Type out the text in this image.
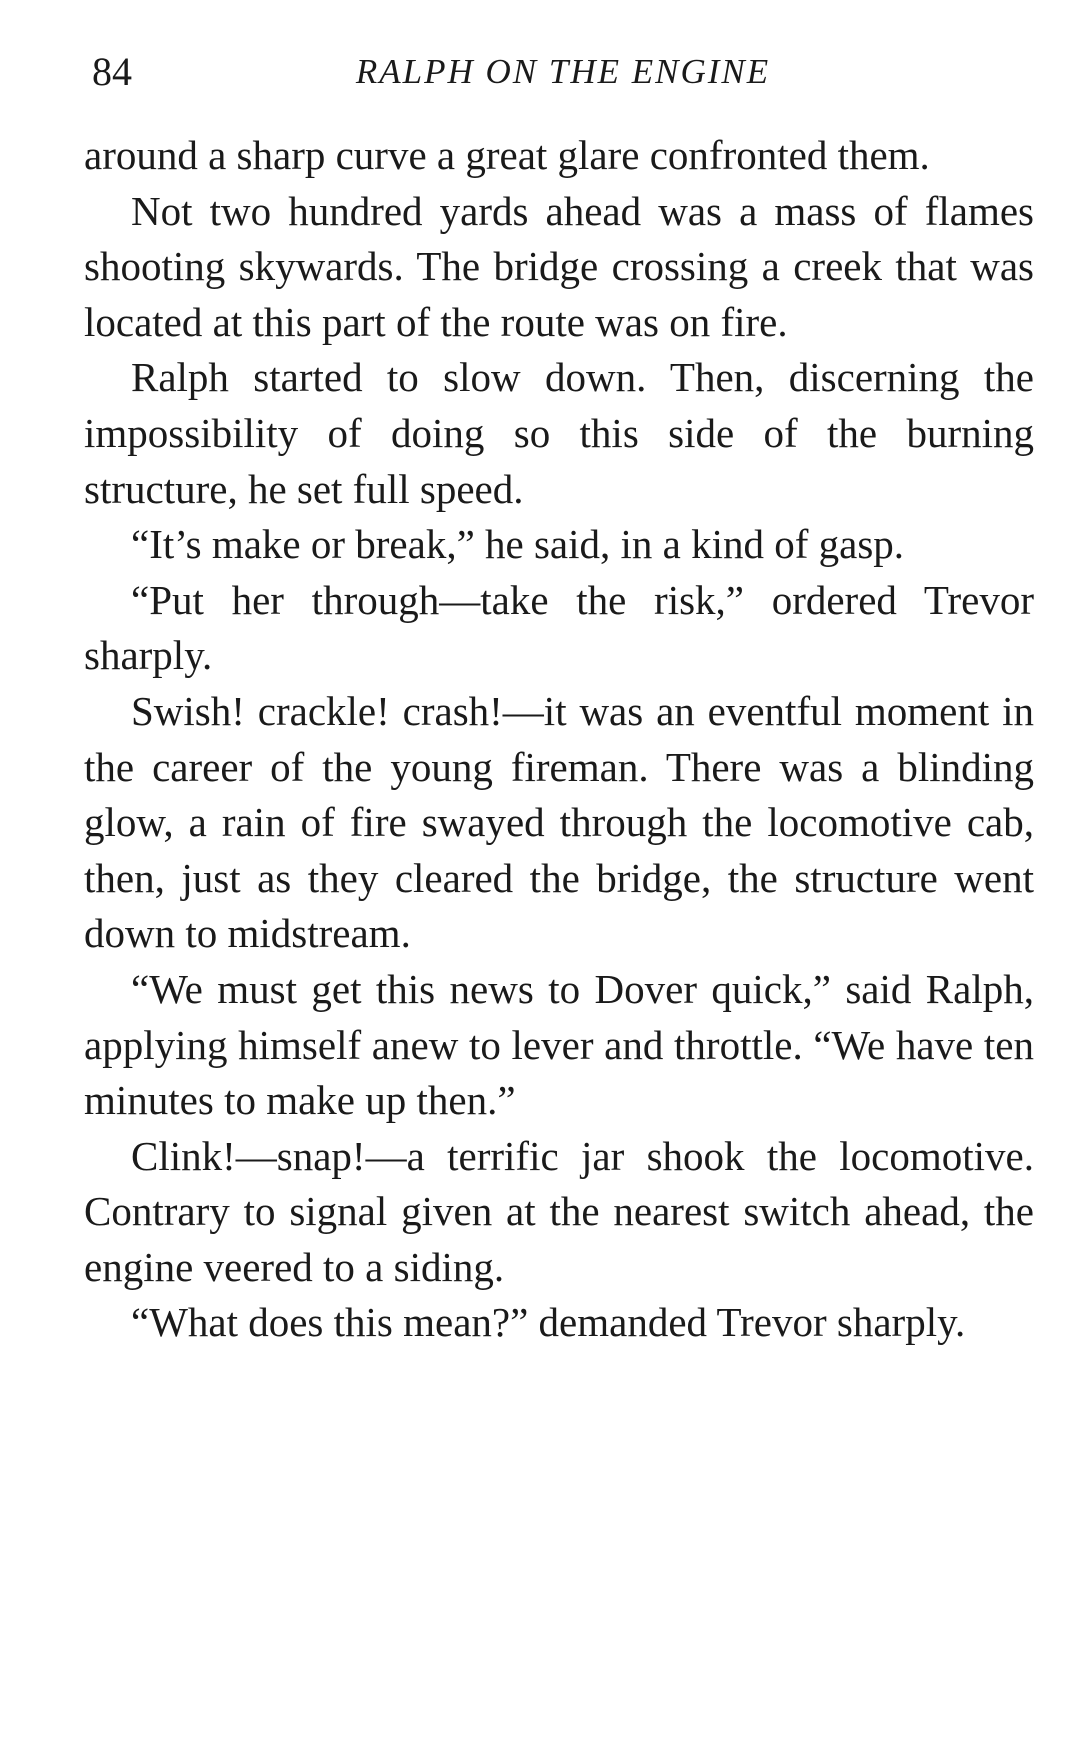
84	RALPH ON THE ENGINE

around a sharp curve a great glare confronted them.

Not two hundred yards ahead was a mass of flames shooting skywards. The bridge crossing a creek that was located at this part of the route was on fire.

Ralph started to slow down. Then, discerning the impossibility of doing so this side of the burning structure, he set full speed.

“It’s make or break,” he said, in a kind of gasp.

“Put her through—take the risk,” ordered Trevor sharply.

Swish! crackle! crash!—it was an eventful moment in the career of the young fireman. There was a blinding glow, a rain of fire swayed through the locomotive cab, then, just as they cleared the bridge, the structure went down to midstream.

“We must get this news to Dover quick,” said Ralph, applying himself anew to lever and throttle. “We have ten minutes to make up then.”

Clink!—snap!—a terrific jar shook the locomotive. Contrary to signal given at the nearest switch ahead, the engine veered to a siding.

“What does this mean?” demanded Trevor sharply.
